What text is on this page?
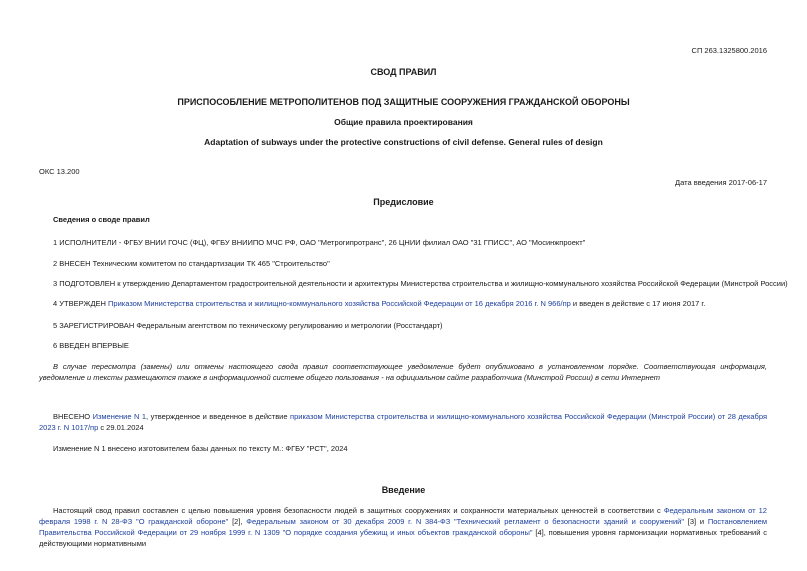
СП 263.1325800.2016
СВОД ПРАВИЛ
ПРИСПОСОБЛЕНИЕ МЕТРОПОЛИТЕНОВ ПОД ЗАЩИТНЫЕ СООРУЖЕНИЯ ГРАЖДАНСКОЙ ОБОРОНЫ
Общие правила проектирования
Adaptation of subways under the protective constructions of civil defense. General rules of design
ОКС 13.200
Дата введения 2017-06-17
Предисловие
Сведения о своде правил
1 ИСПОЛНИТЕЛИ - ФГБУ ВНИИ ГОЧС (ФЦ), ФГБУ ВНИИПО МЧС РФ, ОАО "Метрогипротранс", 26 ЦНИИ филиал ОАО "31 ГПИСС", АО "Мосинжпроект"
2 ВНЕСЕН Техническим комитетом по стандартизации ТК 465 "Строительство"
3 ПОДГОТОВЛЕН к утверждению Департаментом градостроительной деятельности и архитектуры Министерства строительства и жилищно-коммунального хозяйства Российской Федерации (Минстрой России)
4 УТВЕРЖДЕН Приказом Министерства строительства и жилищно-коммунального хозяйства Российской Федерации от 16 декабря 2016 г. N 966/пр и введен в действие с 17 июня 2017 г.
5 ЗАРЕГИСТРИРОВАН Федеральным агентством по техническому регулированию и метрологии (Росстандарт)
6 ВВЕДЕН ВПЕРВЫЕ
В случае пересмотра (замены) или отмены настоящего свода правил соответствующее уведомление будет опубликовано в установленном порядке. Соответствующая информация, уведомление и тексты размещаются также в информационной системе общего пользования - на официальном сайте разработчика (Минстрой России) в сети Интернет
ВНЕСЕНО Изменение N 1, утвержденное и введенное в действие приказом Министерства строительства и жилищно-коммунального хозяйства Российской Федерации (Минстрой России) от 28 декабря 2023 г. N 1017/пр с 29.01.2024
Изменение N 1 внесено изготовителем базы данных по тексту М.: ФГБУ "РСТ", 2024
Введение
Настоящий свод правил составлен с целью повышения уровня безопасности людей в защитных сооружениях и сохранности материальных ценностей в соответствии с Федеральным законом от 12 февраля 1998 г. N 28-ФЗ "О гражданской обороне" [2], Федеральным законом от 30 декабря 2009 г. N 384-ФЗ "Технический регламент о безопасности зданий и сооружений" [3] и Постановлением Правительства Российской Федерации от 29 ноября 1999 г. N 1309 "О порядке создания убежищ и иных объектов гражданской обороны" [4], повышения уровня гармонизации нормативных требований с действующими нормативными
